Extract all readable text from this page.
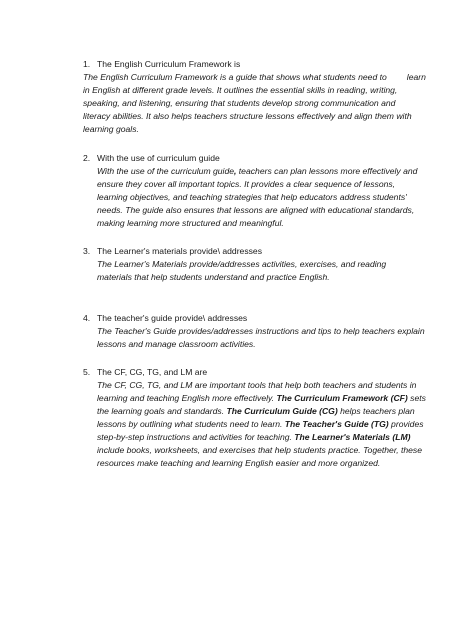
1. The English Curriculum Framework is
The English Curriculum Framework is a guide that shows what students need to learn
in English at different grade levels. It outlines the essential skills in reading, writing,
speaking, and listening, ensuring that students develop strong communication and
literacy abilities. It also helps teachers structure lessons effectively and align them with
learning goals.
2. With the use of curriculum guide
With the use of the curriculum guide, teachers can plan lessons more effectively and
ensure they cover all important topics. It provides a clear sequence of lessons,
learning objectives, and teaching strategies that help educators address students'
needs. The guide also ensures that lessons are aligned with educational standards,
making learning more structured and meaningful.
3. The Learner's materials provide\ addresses
The Learner's Materials provide/addresses activities, exercises, and reading
materials that help students understand and practice English.
4. The teacher's guide provide\ addresses
The Teacher's Guide provides/addresses instructions and tips to help teachers explain
lessons and manage classroom activities.
5. The CF, CG, TG, and LM are
The CF, CG, TG, and LM are important tools that help both teachers and students in
learning and teaching English more effectively. The Curriculum Framework (CF) sets
the learning goals and standards. The Curriculum Guide (CG) helps teachers plan
lessons by outlining what students need to learn. The Teacher's Guide (TG) provides
step-by-step instructions and activities for teaching. The Learner's Materials (LM)
include books, worksheets, and exercises that help students practice. Together, these
resources make teaching and learning English easier and more organized.
